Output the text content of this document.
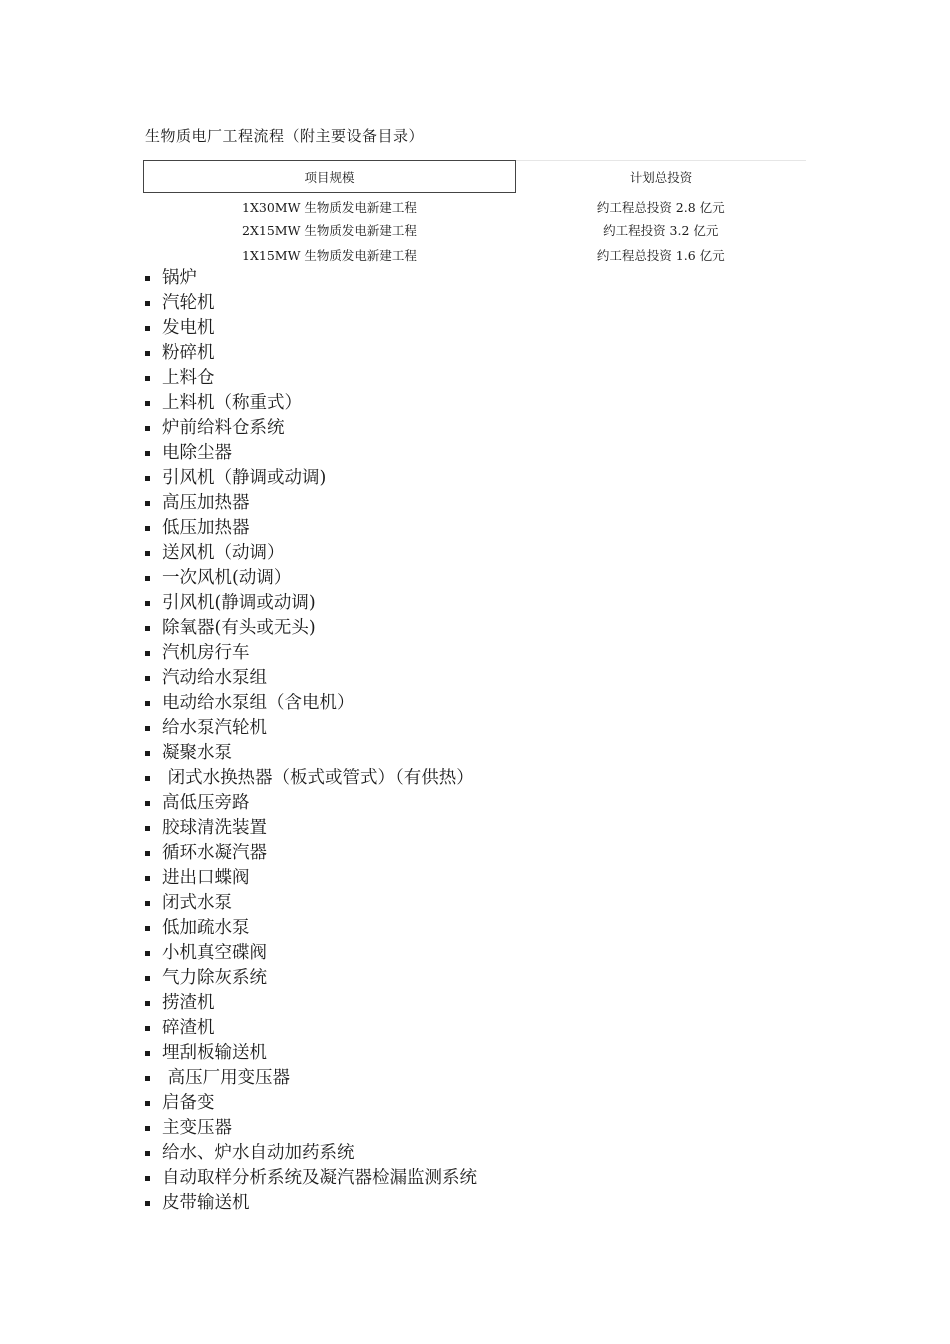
生物质电厂工程流程（附主要设备目录）
项目规模	计划总投资
1X30MW 生物质发电新建工程	约工程总投资 2.8 亿元
2X15MW 生物质发电新建工程	约工程投资 3.2 亿元
1X15MW 生物质发电新建工程	约工程总投资 1.6 亿元
锅炉
汽轮机
发电机
粉碎机
上料仓
上料机（称重式）
炉前给料仓系统
电除尘器
引风机（静调或动调)
高压加热器
低压加热器
送风机（动调）
一次风机(动调）
引风机(静调或动调)
除氧器(有头或无头)
汽机房行车
汽动给水泵组
电动给水泵组（含电机）
给水泵汽轮机
凝聚水泵
闭式水换热器（板式或管式）（有供热）
高低压旁路
胶球清洗装置
循环水凝汽器
进出口蝶阀
闭式水泵
低加疏水泵
小机真空碟阀
气力除灰系统
捞渣机
碎渣机
埋刮板输送机
高压厂用变压器
启备变
主变压器
给水、炉水自动加药系统
自动取样分析系统及凝汽器检漏监测系统
皮带输送机
